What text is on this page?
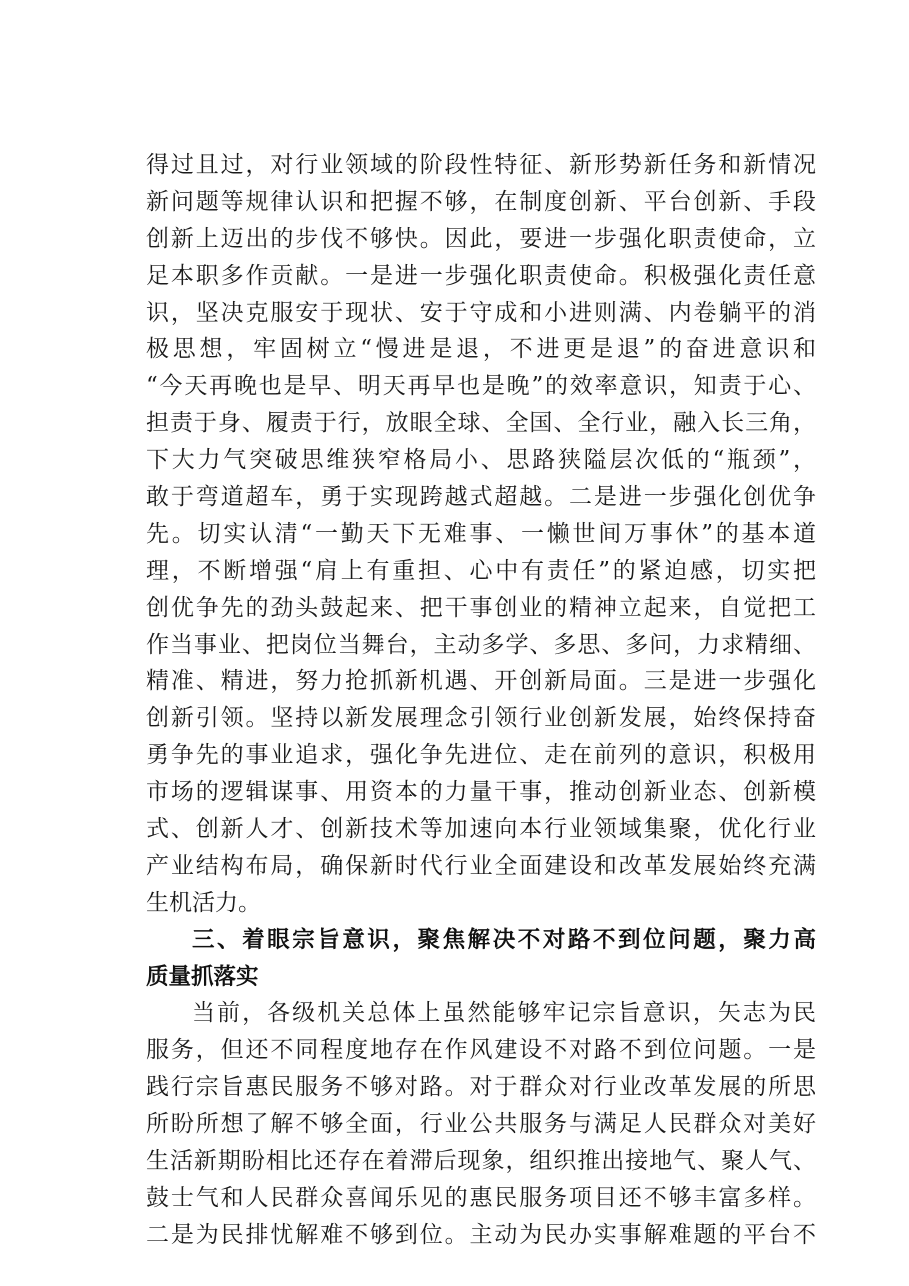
得过且过，对行业领域的阶段性特征、新形势新任务和新情况
新问题等规律认识和把握不够，在制度创新、平台创新、手段
创新上迈出的步伐不够快。因此，要进一步强化职责使命，立
足本职多作贡献。一是进一步强化职责使命。积极强化责任意
识，坚决克服安于现状、安于守成和小进则满、内卷躺平的消
极思想，牢固树立“慢进是退，不进更是退”的奋进意识和
“今天再晚也是早、明天再早也是晚”的效率意识，知责于心、
担责于身、履责于行，放眼全球、全国、全行业，融入长三角，
下大力气突破思维狭窄格局小、思路狭隘层次低的“瓶颈”，
敢于弯道超车，勇于实现跨越式超越。二是进一步强化创优争
先。切实认清“一勤天下无难事、一懒世间万事休”的基本道
理，不断增强“肩上有重担、心中有责任”的紧迫感，切实把
创优争先的劲头鼓起来、把干事创业的精神立起来，自觉把工
作当事业、把岗位当舞台，主动多学、多思、多问，力求精细、
精准、精进，努力抢抓新机遇、开创新局面。三是进一步强化
创新引领。坚持以新发展理念引领行业创新发展，始终保持奋
勇争先的事业追求，强化争先进位、走在前列的意识，积极用
市场的逻辑谋事、用资本的力量干事，推动创新业态、创新模
式、创新人才、创新技术等加速向本行业领域集聚，优化行业
产业结构布局，确保新时代行业全面建设和改革发展始终充满
生机活力。
三、着眼宗旨意识，聚焦解决不对路不到位问题，聚力高
质量抓落实
当前，各级机关总体上虽然能够牢记宗旨意识，矢志为民
服务，但还不同程度地存在作风建设不对路不到位问题。一是
践行宗旨惠民服务不够对路。对于群众对行业改革发展的所思
所盼所想了解不够全面，行业公共服务与满足人民群众对美好
生活新期盼相比还存在着滞后现象，组织推出接地气、聚人气、
鼓士气和人民群众喜闻乐见的惠民服务项目还不够丰富多样。
二是为民排忧解难不够到位。主动为民办实事解难题的平台不
